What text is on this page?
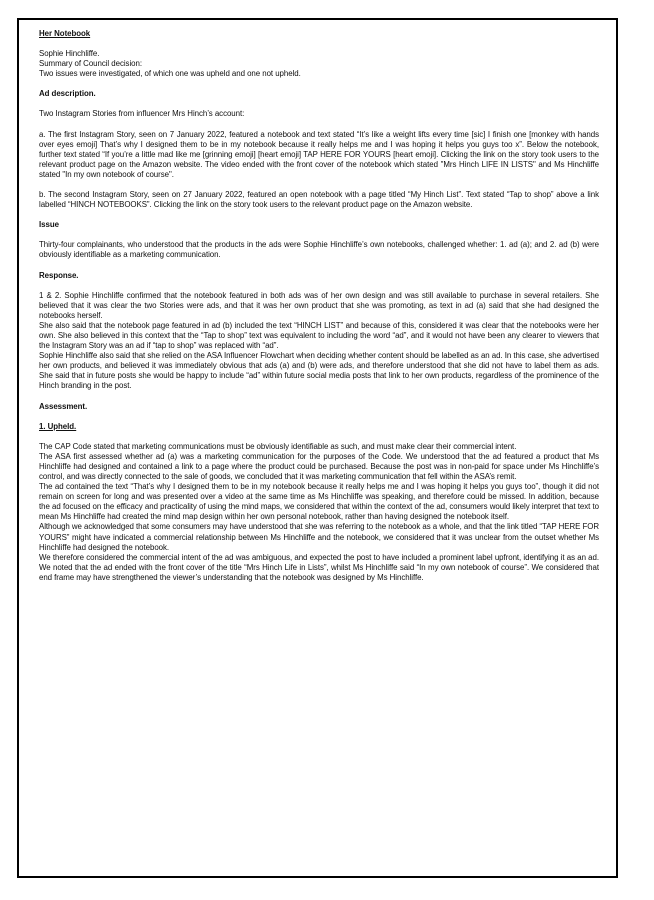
Her Notebook

Sophie Hinchliffe.

Summary of Council decision:

Two issues were investigated, of which one was upheld and one not upheld.

Ad description.

Two Instagram Stories from influencer Mrs Hinch’s account:

a. The first Instagram Story, seen on 7 January 2022, featured a notebook and text stated “It’s like a weight lifts every time [sic] I finish one [monkey with hands over eyes emoji] That’s why I designed them to be in my notebook because it really helps me and I was hoping it helps you guys too x”. Below the notebook, further text stated “If you’re a little mad like me [grinning emoji] [heart emoji] TAP HERE FOR YOURS [heart emoji]. Clicking the link on the story took users to the relevant product page on the Amazon website. The video ended with the front cover of the notebook which stated "Mrs Hinch LIFE IN LISTS" and Ms Hinchliffe stated "In my own notebook of course".

b. The second Instagram Story, seen on 27 January 2022, featured an open notebook with a page titled “My Hinch List”. Text stated “Tap to shop” above a link labelled “HINCH NOTEBOOKS”. Clicking the link on the story took users to the relevant product page on the Amazon website.

Issue

Thirty-four complainants, who understood that the products in the ads were Sophie Hinchliffe’s own notebooks, challenged whether: 1. ad (a); and 2. ad (b) were obviously identifiable as a marketing communication.

Response.

1 & 2. Sophie Hinchliffe confirmed that the notebook featured in both ads was of her own design and was still available to purchase in several retailers. She believed that it was clear the two Stories were ads, and that it was her own product that she was promoting, as text in ad (a) said that she had designed the notebooks herself.

She also said that the notebook page featured in ad (b) included the text “HINCH LIST” and because of this, considered it was clear that the notebooks were her own. She also believed in this context that the “Tap to shop” text was equivalent to including the word “ad”, and it would not have been any clearer to viewers that the Instagram Story was an ad if “tap to shop” was replaced with “ad”.

Sophie Hinchliffe also said that she relied on the ASA Influencer Flowchart when deciding whether content should be labelled as an ad. In this case, she advertised her own products, and believed it was immediately obvious that ads (a) and (b) were ads, and therefore understood that she did not have to label them as ads. She said that in future posts she would be happy to include “ad” within future social media posts that link to her own products, regardless of the prominence of the Hinch branding in the post.

Assessment.

1. Upheld.

The CAP Code stated that marketing communications must be obviously identifiable as such, and must make clear their commercial intent.

The ASA first assessed whether ad (a) was a marketing communication for the purposes of the Code. We understood that the ad featured a product that Ms Hinchliffe had designed and contained a link to a page where the product could be purchased. Because the post was in non-paid for space under Ms Hinchliffe’s control, and was directly connected to the sale of goods, we concluded that it was marketing communication that fell within the ASA’s remit.

The ad contained the text “That’s why I designed them to be in my notebook because it really helps me and I was hoping it helps you guys too”, though it did not remain on screen for long and was presented over a video at the same time as Ms Hinchliffe was speaking, and therefore could be missed. In addition, because the ad focused on the efficacy and practicality of using the mind maps, we considered that within the context of the ad, consumers would likely interpret that text to mean Ms Hinchliffe had created the mind map design within her own personal notebook, rather than having designed the notebook itself.

Although we acknowledged that some consumers may have understood that she was referring to the notebook as a whole, and that the link titled “TAP HERE FOR YOURS” might have indicated a commercial relationship between Ms Hinchliffe and the notebook, we considered that it was unclear from the outset whether Ms Hinchliffe had designed the notebook.

We therefore considered the commercial intent of the ad was ambiguous, and expected the post to have included a prominent label upfront, identifying it as an ad. We noted that the ad ended with the front cover of the title “Mrs Hinch Life in Lists”, whilst Ms Hinchliffe said “In my own notebook of course”. We considered that end frame may have strengthened the viewer’s understanding that the notebook was designed by Ms Hinchliffe.
